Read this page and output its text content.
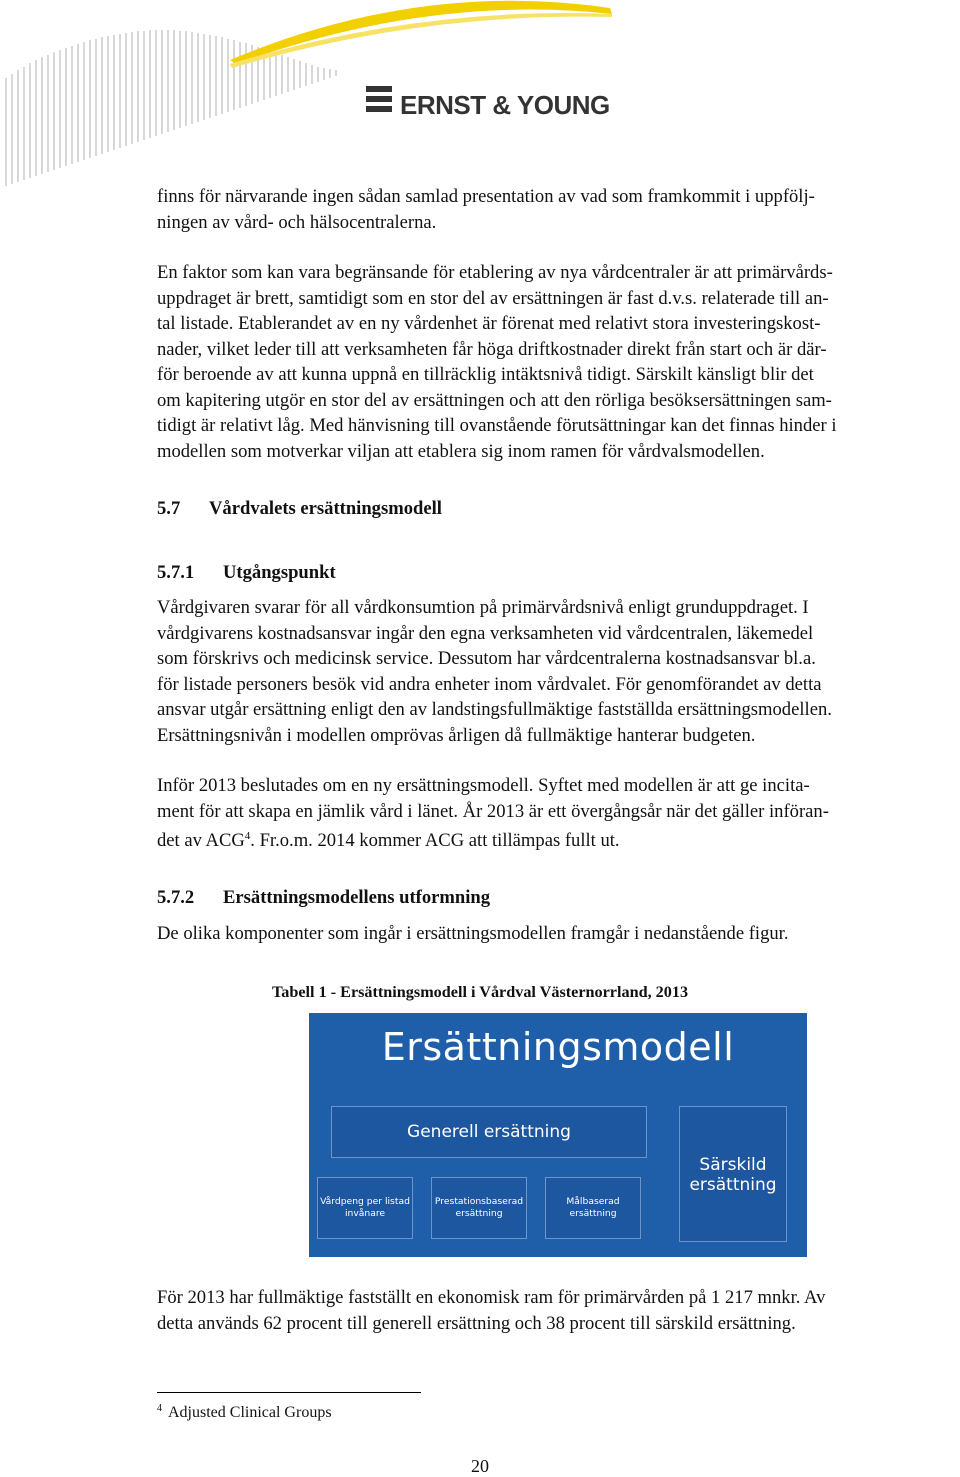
ERNST & YOUNG

finns för närvarande ingen sådan samlad presentation av vad som framkommit i uppfölj-
ningen av vård- och hälsocentralerna.

En faktor som kan vara begränsande för etablering av nya vårdcentraler är att primärvårds-
uppdraget är brett, samtidigt som en stor del av ersättningen är fast d.v.s. relaterade till an-
tal listade. Etablerandet av en ny vårdenhet är förenat med relativt stora investeringskost-
nader, vilket leder till att verksamheten får höga driftkostnader direkt från start och är där-
för beroende av att kunna uppnå en tillräcklig intäktsnivå tidigt. Särskilt känsligt blir det
om kapitering utgör en stor del av ersättningen och att den rörliga besöksersättningen sam-
tidigt är relativt låg. Med hänvisning till ovanstående förutsättningar kan det finnas hinder i
modellen som motverkar viljan att etablera sig inom ramen för vårdvalsmodellen.

5.7 Vårdvalets ersättningsmodell
5.7.1 Utgångspunkt

Vårdgivaren svarar för all vårdkonsumtion på primärvårdsnivå enligt grunduppdraget. I
vårdgivarens kostnadsansvar ingår den egna verksamheten vid vårdcentralen, läkemedel
som förskrivs och medicinsk service. Dessutom har vårdcentralerna kostnadsansvar bl.a.
för listade personers besök vid andra enheter inom vårdvalet. För genomförandet av detta
ansvar utgår ersättning enligt den av landstingsfullmäktige fastställda ersättningsmodellen.
Ersättningsnivån i modellen omprövas årligen då fullmäktige hanterar budgeten.

Inför 2013 beslutades om en ny ersättningsmodell. Syftet med modellen är att ge incita-
ment för att skapa en jämlik vård i länet. År 2013 är ett övergångsår när det gäller införan-
det av ACG$^4$. Fr.o.m. 2014 kommer ACG att tillämpas fullt ut.

5.7.2 Ersättningsmodellens utformning

De olika komponenter som ingår i ersättningsmodellen framgår i nedanstående figur.

Tabell 1 - Ersättningsmodell i Vårdval Västernorrland, 2013
Ersättningsmodell
Generell ersättning
Särskild
ersättning
Vårdpeng per listad
invånare
Prestationsbaserad
ersättning
Målbaserad
ersättning

För 2013 har fullmäktige fastställt en ekonomisk ram för primärvården på 1 217 mnkr. Av
detta används 62 procent till generell ersättning och 38 procent till särskild ersättning.

$^4$ Adjusted Clinical Groups
20
